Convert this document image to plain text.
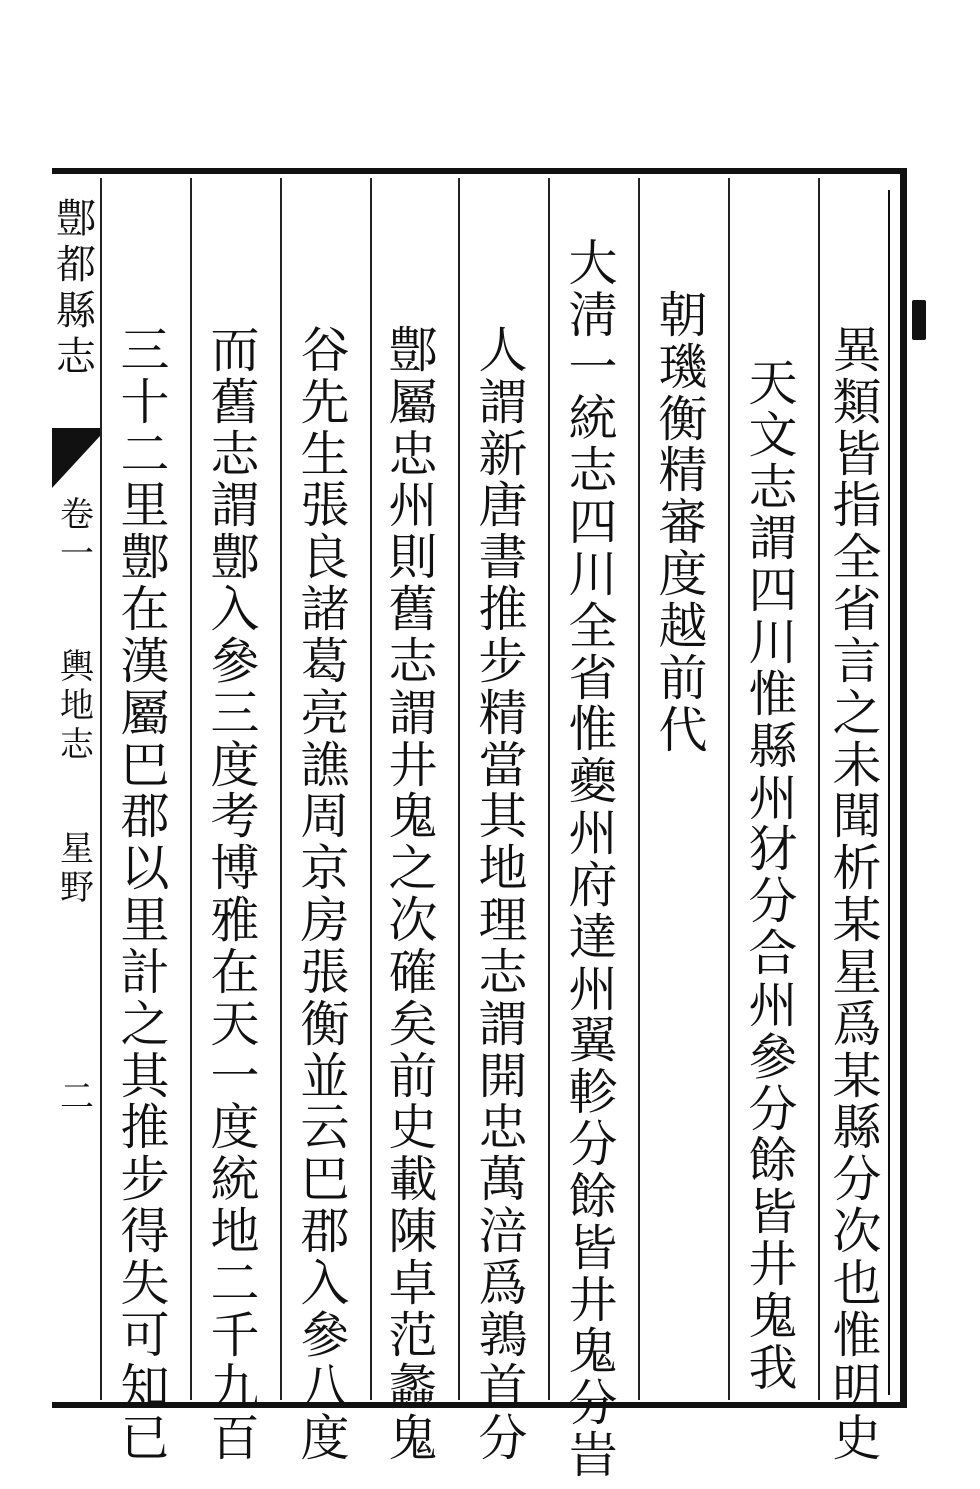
鄷都縣志
卷一
輿地志
星野
二
異類皆指全省言之未聞析某星爲某縣分次也惟明史
天文志謂四川惟縣州犲分合州參分餘皆井鬼我
朝璣衡精審度越前代
大淸一統志四川全省惟夔州府達州翼軫分餘皆井鬼分旹
人謂新唐書推步精當其地理志謂開忠萬涪爲鶉首分
鄷屬忠州則舊志謂井鬼之次確矣前史載陳卓范蠡鬼
谷先生張良諸葛亮譙周京房張衡並云巴郡入參八度
而舊志謂鄷入參三度考博雅在天一度統地二千九百
三十二里鄷在漢屬巴郡以里計之其推步得失可知已
